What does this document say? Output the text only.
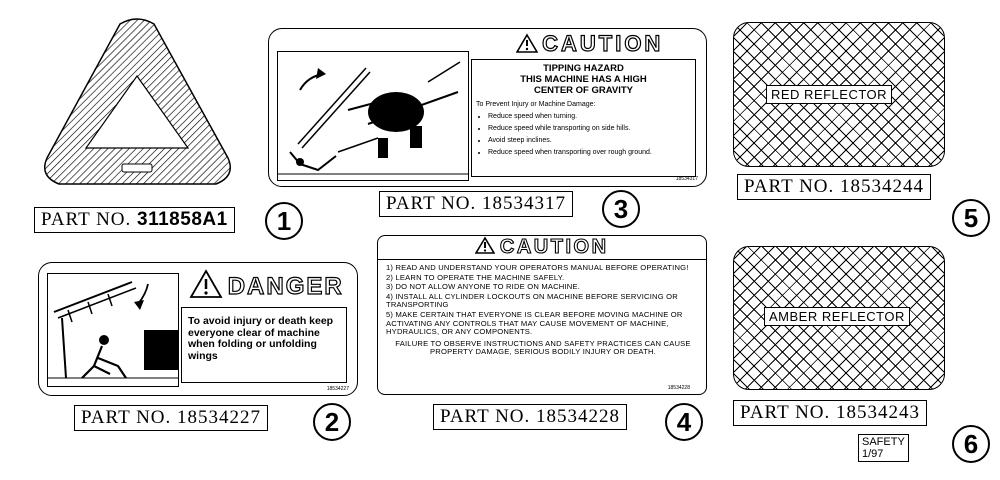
PART NO. 311858A1	1
CAUTION
TIPPING HAZARD
THIS MACHINE HAS A HIGH
CENTER OF GRAVITY
To Prevent Injury or Machine Damage:
• Reduce speed when turning.
• Reduce speed while transporting on side hills.
• Avoid steep inclines.
• Reduce speed when transporting over rough ground.
18534317
PART NO. 18534317	3
RED REFLECTOR
PART NO. 18534244
5
DANGER
To avoid injury or death keep everyone clear of machine when folding or unfolding wings
18534227
PART NO. 18534227	2
CAUTION
1) READ AND UNDERSTAND YOUR OPERATORS MANUAL BEFORE OPERATING!
2) LEARN TO OPERATE THE MACHINE SAFELY.
3) DO NOT ALLOW ANYONE TO RIDE ON MACHINE.
4) INSTALL ALL CYLINDER LOCKOUTS ON MACHINE BEFORE SERVICING OR TRANSPORTING
5) MAKE CERTAIN THAT EVERYONE IS CLEAR BEFORE MOVING MACHINE OR ACTIVATING ANY CONTROLS THAT MAY CAUSE MOVEMENT OF MACHINE, HYDRAULICS, OR ANY COMPONENTS.
FAILURE TO OBSERVE INSTRUCTIONS AND SAFETY PRACTICES CAN CAUSE PROPERTY DAMAGE, SERIOUS BODILY INJURY OR DEATH.
18534228
PART NO. 18534228	4
AMBER REFLECTOR
PART NO. 18534243
SAFETY
1/97	6
